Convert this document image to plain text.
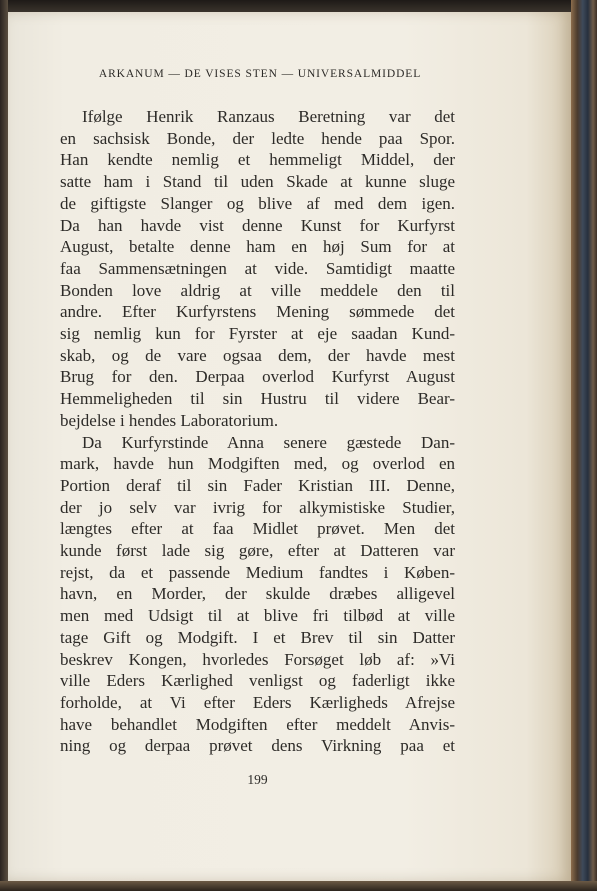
ARKANUM — DE VISES STEN — UNIVERSALMIDDEL
Ifølge Henrik Ranzaus Beretning var det
en sachsisk Bonde, der ledte hende paa Spor.
Han kendte nemlig et hemmeligt Middel, der
satte ham i Stand til uden Skade at kunne sluge
de giftigste Slanger og blive af med dem igen.
Da han havde vist denne Kunst for Kurfyrst
August, betalte denne ham en høj Sum for at
faa Sammensætningen at vide. Samtidigt maatte
Bonden love aldrig at ville meddele den til
andre. Efter Kurfyrstens Mening sømmede det
sig nemlig kun for Fyrster at eje saadan Kund-
skab, og de vare ogsaa dem, der havde mest
Brug for den. Derpaa overlod Kurfyrst August
Hemmeligheden til sin Hustru til videre Bear-
bejdelse i hendes Laboratorium.
Da Kurfyrstinde Anna senere gæstede Dan-
mark, havde hun Modgiften med, og overlod en
Portion deraf til sin Fader Kristian III. Denne,
der jo selv var ivrig for alkymistiske Studier,
længtes efter at faa Midlet prøvet. Men det
kunde først lade sig gøre, efter at Datteren var
rejst, da et passende Medium fandtes i Køben-
havn, en Morder, der skulde dræbes alligevel
men med Udsigt til at blive fri tilbød at ville
tage Gift og Modgift. I et Brev til sin Datter
beskrev Kongen, hvorledes Forsøget løb af: »Vi
ville Eders Kærlighed venligst og faderligt ikke
forholde, at Vi efter Eders Kærligheds Afrejse
have behandlet Modgiften efter meddelt Anvis-
ning og derpaa prøvet dens Virkning paa et
199
